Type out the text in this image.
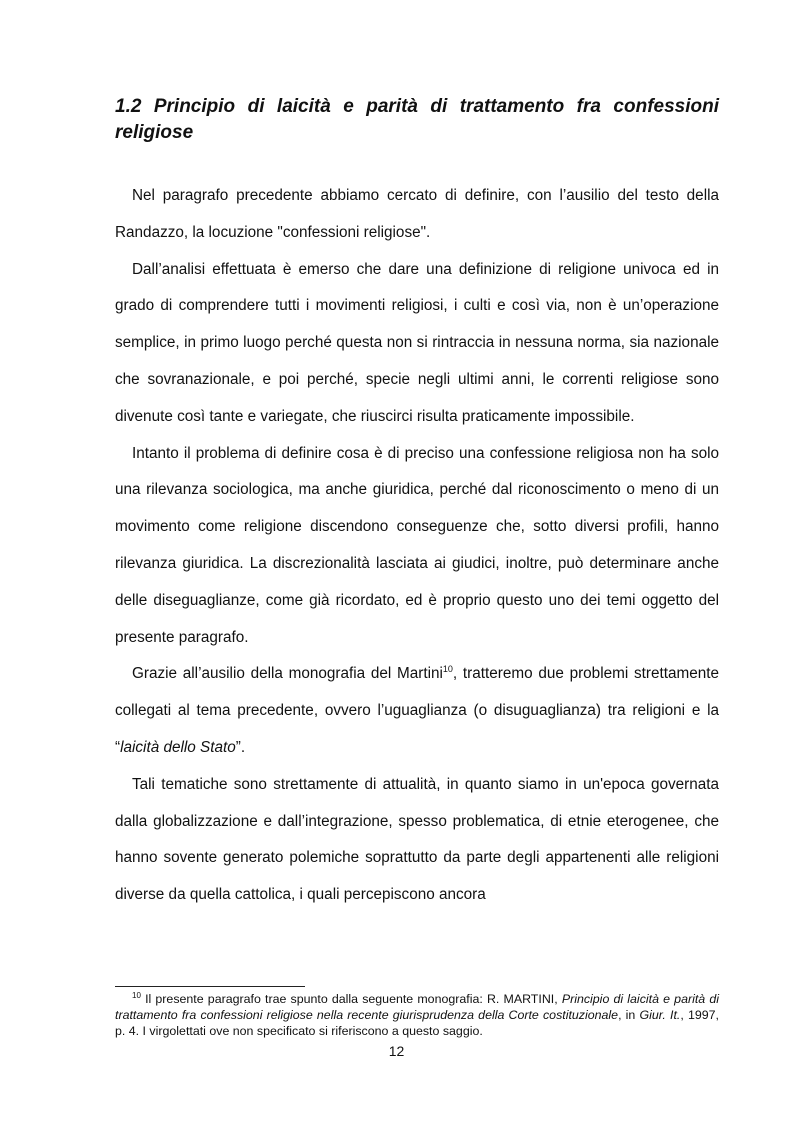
1.2 Principio di laicità e parità di trattamento fra confessioni religiose

Nel paragrafo precedente abbiamo cercato di definire, con l’ausilio del testo della Randazzo, la locuzione "confessioni religiose".

Dall’analisi effettuata è emerso che dare una definizione di religione univoca ed in grado di comprendere tutti i movimenti religiosi, i culti e così via, non è un’operazione semplice, in primo luogo perché questa non si rintraccia in nessuna norma, sia nazionale che sovranazionale, e poi perché, specie negli ultimi anni, le correnti religiose sono divenute così tante e variegate, che riuscirci risulta praticamente impossibile.

Intanto il problema di definire cosa è di preciso una confessione religiosa non ha solo una rilevanza sociologica, ma anche giuridica, perché dal riconoscimento o meno di un movimento come religione discendono conseguenze che, sotto diversi profili, hanno rilevanza giuridica. La discrezionalità lasciata ai giudici, inoltre, può determinare anche delle diseguaglianze, come già ricordato, ed è proprio questo uno dei temi oggetto del presente paragrafo.

Grazie all’ausilio della monografia del Martini$^{10}$, tratteremo due problemi strettamente collegati al tema precedente, ovvero l’uguaglianza (o disuguaglianza) tra religioni e la “laicità dello Stato”.

Tali tematiche sono strettamente di attualità, in quanto siamo in un'epoca governata dalla globalizzazione e dall’integrazione, spesso problematica, di etnie eterogenee, che hanno sovente generato polemiche soprattutto da parte degli appartenenti alle religioni diverse da quella cattolica, i quali percepiscono ancora

$^{10}$ Il presente paragrafo trae spunto dalla seguente monografia: R. MARTINI, Principio di laicità e parità di trattamento fra confessioni religiose nella recente giurisprudenza della Corte costituzionale, in Giur. It., 1997, p. 4. I virgolettati ove non specificato si riferiscono a questo saggio.

12
